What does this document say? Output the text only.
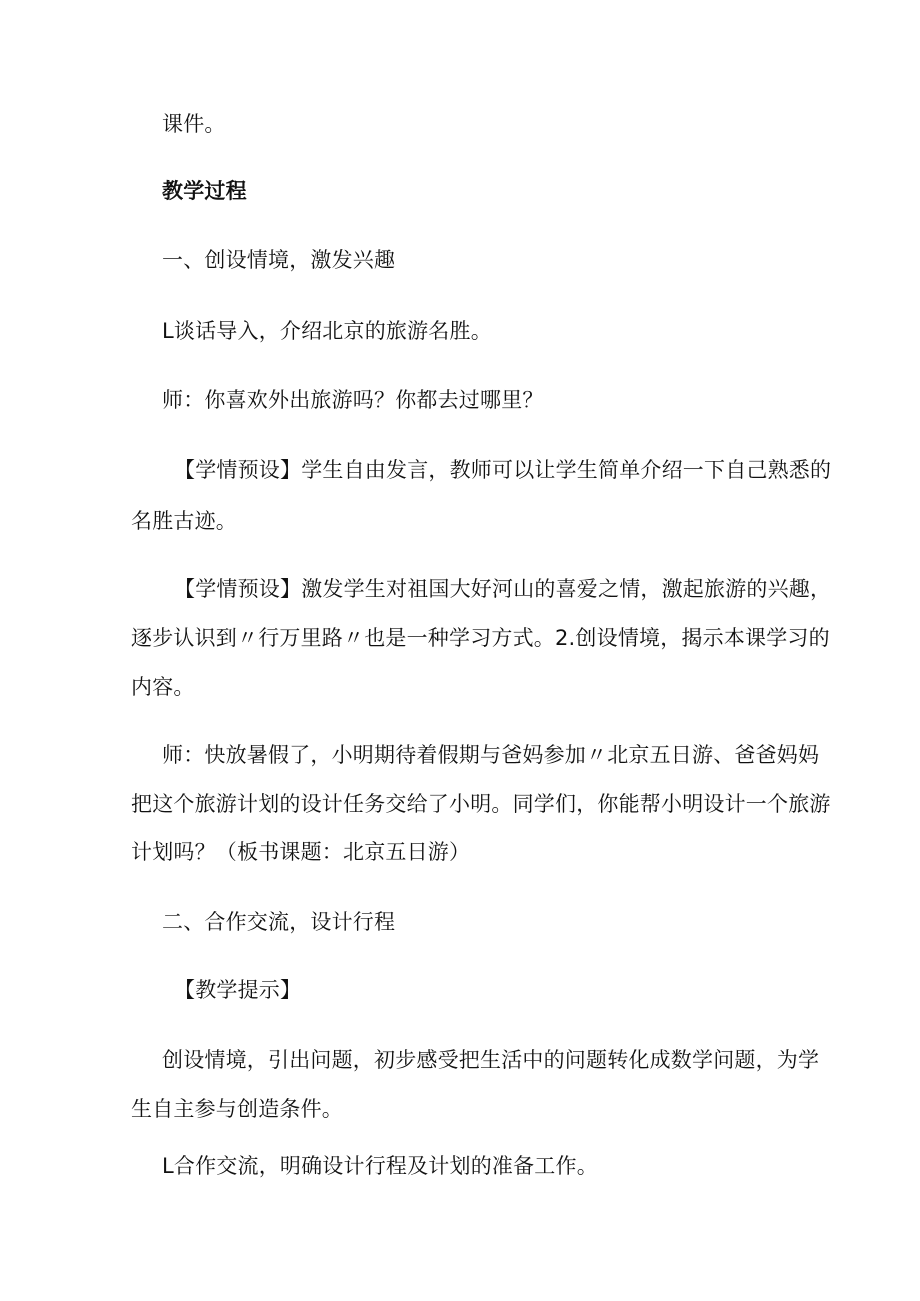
课件。
教学过程
一、创设情境，激发兴趣
L谈话导入，介绍北京的旅游名胜。
师：你喜欢外出旅游吗？你都去过哪里？
【学情预设】学生自由发言，教师可以让学生简单介绍一下自己熟悉的
名胜古迹。
【学情预设】激发学生对祖国大好河山的喜爱之情，激起旅游的兴趣，
逐步认识到〃行万里路〃也是一种学习方式。2.创设情境，揭示本课学习的
内容。
师：快放暑假了，小明期待着假期与爸妈参加〃北京五日游、爸爸妈妈
把这个旅游计划的设计任务交给了小明。同学们，你能帮小明设计一个旅游
计划吗？（板书课题：北京五日游）
二、合作交流，设计行程
【教学提示】
创设情境，引出问题，初步感受把生活中的问题转化成数学问题，为学
生自主参与创造条件。
L合作交流，明确设计行程及计划的准备工作。
